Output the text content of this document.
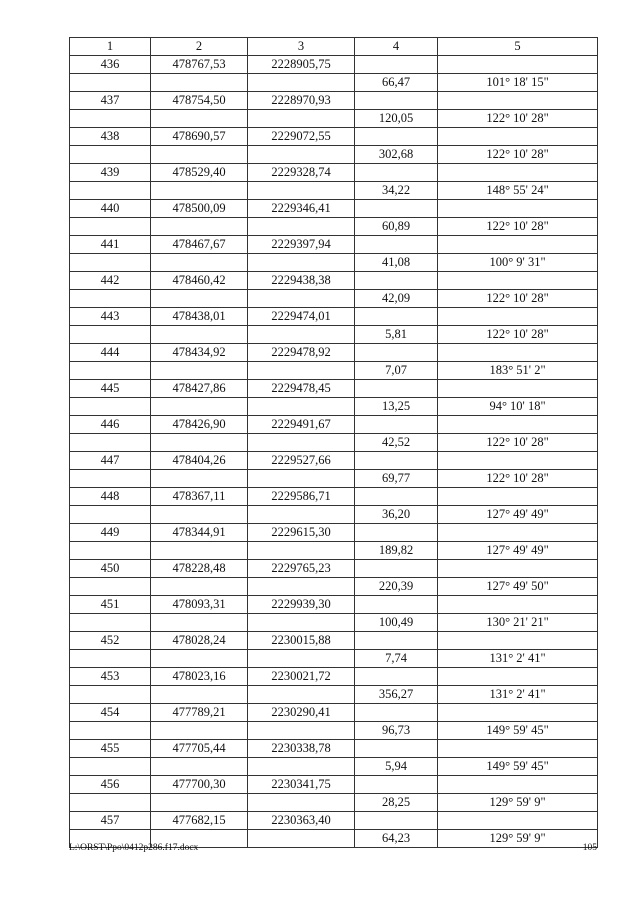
1	2	3	4	5
436	478767,53	2228905,75		
			66,47	101° 18' 15"
437	478754,50	2228970,93		
			120,05	122° 10' 28"
438	478690,57	2229072,55		
			302,68	122° 10' 28"
439	478529,40	2229328,74		
			34,22	148° 55' 24"
440	478500,09	2229346,41		
			60,89	122° 10' 28"
441	478467,67	2229397,94		
			41,08	100° 9' 31"
442	478460,42	2229438,38		
			42,09	122° 10' 28"
443	478438,01	2229474,01		
			5,81	122° 10' 28"
444	478434,92	2229478,92		
			7,07	183° 51' 2"
445	478427,86	2229478,45		
			13,25	94° 10' 18"
446	478426,90	2229491,67		
			42,52	122° 10' 28"
447	478404,26	2229527,66		
			69,77	122° 10' 28"
448	478367,11	2229586,71		
			36,20	127° 49' 49"
449	478344,91	2229615,30		
			189,82	127° 49' 49"
450	478228,48	2229765,23		
			220,39	127° 49' 50"
451	478093,31	2229939,30		
			100,49	130° 21' 21"
452	478028,24	2230015,88		
			7,74	131° 2' 41"
453	478023,16	2230021,72		
			356,27	131° 2' 41"
454	477789,21	2230290,41		
			96,73	149° 59' 45"
455	477705,44	2230338,78		
			5,94	149° 59' 45"
456	477700,30	2230341,75		
			28,25	129° 59' 9"
457	477682,15	2230363,40		
			64,23	129° 59' 9"
L:\ORST\Ppo\0412p286.f17.docx	105
